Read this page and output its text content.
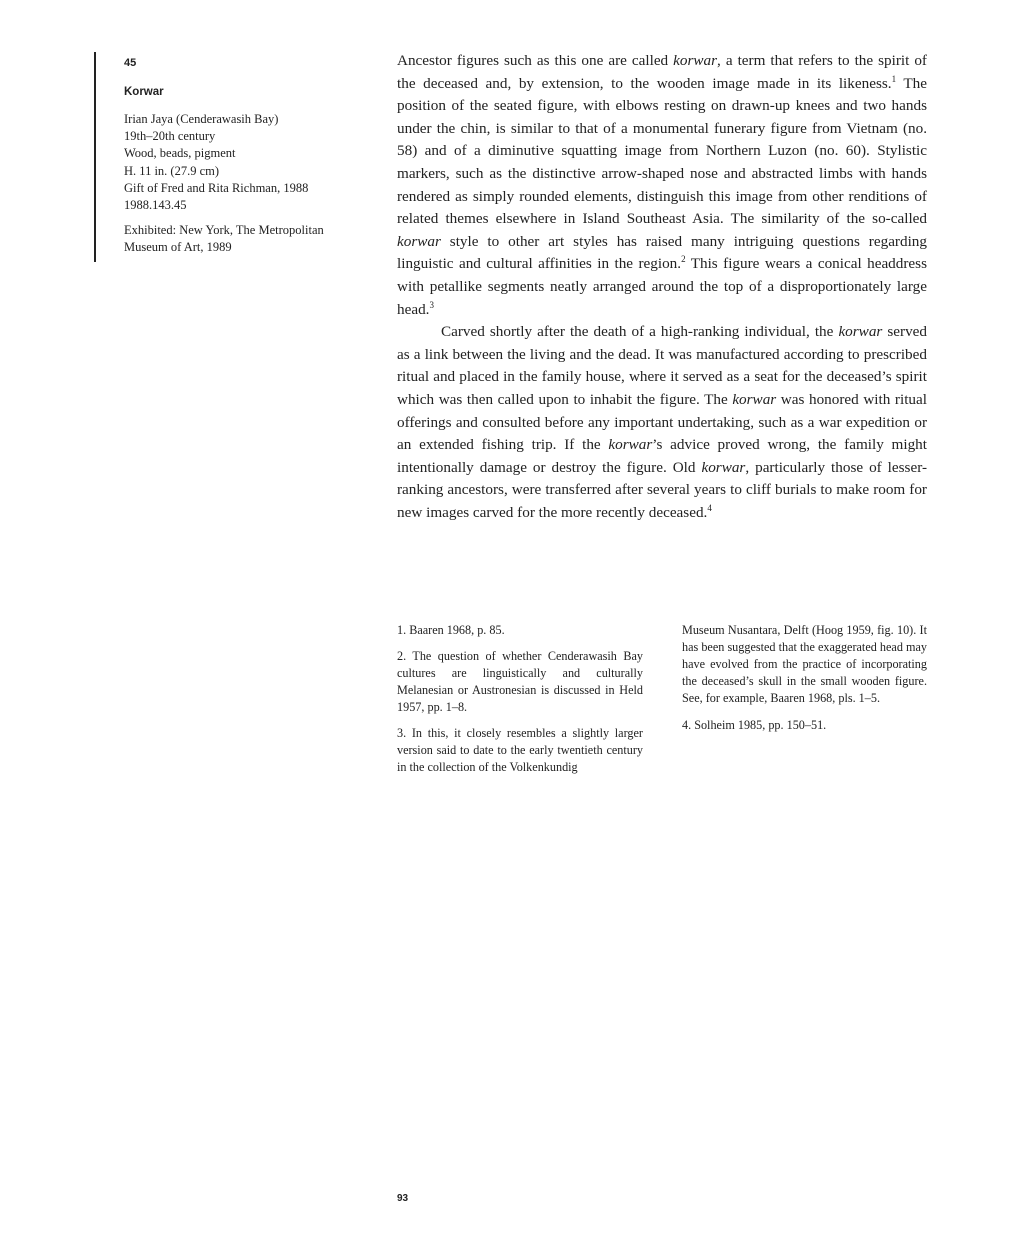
45
Korwar
Irian Jaya (Cenderawasih Bay)
19th–20th century
Wood, beads, pigment
H. 11 in. (27.9 cm)
Gift of Fred and Rita Richman, 1988
1988.143.45
Exhibited: New York, The Metropolitan
Museum of Art, 1989

Ancestor figures such as this one are called korwar, a term that refers to the spirit of the deceased and, by extension, to the wooden image made in its likeness.$^1$ The position of the seated figure, with elbows resting on drawn-up knees and two hands under the chin, is similar to that of a monumental funerary figure from Vietnam (no. 58) and of a diminutive squatting image from Northern Luzon (no. 60). Stylistic markers, such as the distinctive arrow-shaped nose and abstracted limbs with hands rendered as simply rounded elements, distinguish this image from other renditions of related themes elsewhere in Island Southeast Asia. The similarity of the so-called korwar style to other art styles has raised many intriguing questions regarding linguistic and cultural affinities in the region.$^2$ This figure wears a conical headdress with petallike segments neatly arranged around the top of a disproportionately large head.$^3$

Carved shortly after the death of a high-ranking individual, the korwar served as a link between the living and the dead. It was manufactured according to prescribed ritual and placed in the family house, where it served as a seat for the deceased’s spirit which was then called upon to inhabit the figure. The korwar was honored with ritual offerings and consulted before any important undertaking, such as a war expedition or an extended fishing trip. If the korwar’s advice proved wrong, the family might intentionally damage or destroy the figure. Old korwar, particularly those of lesser-ranking ancestors, were transferred after several years to cliff burials to make room for new images carved for the more recently deceased.$^4$

1. Baaren 1968, p. 85.

2. The question of whether Cenderawasih Bay cultures are linguistically and culturally Melanesian or Austronesian is discussed in Held 1957, pp. 1–8.

3. In this, it closely resembles a slightly larger version said to date to the early twentieth century in the collection of the Volkenkundig

Museum Nusantara, Delft (Hoog 1959, fig. 10). It has been suggested that the exaggerated head may have evolved from the practice of incorporating the deceased’s skull in the small wooden figure. See, for example, Baaren 1968, pls. 1–5.

4. Solheim 1985, pp. 150–51.

93
